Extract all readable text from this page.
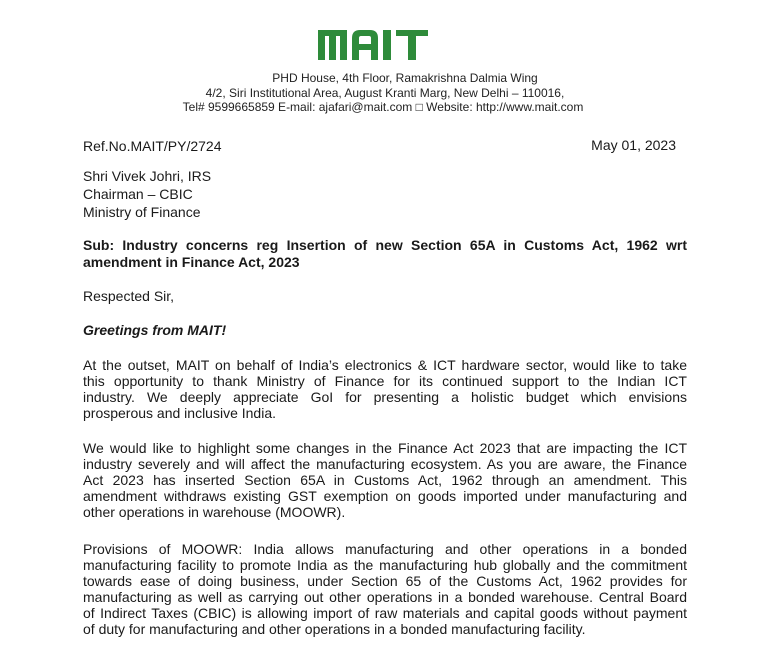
PHD House, 4th Floor, Ramakrishna Dalmia Wing
4/2, Siri Institutional Area, August Kranti Marg, New Delhi – 110016,
Tel# 9599665859 E-mail: ajafari@mait.com □ Website: http://www.mait.com
Ref.No.MAIT/PY/2724	May 01, 2023
Shri Vivek Johri, IRS
Chairman – CBIC
Ministry of Finance
Sub: Industry concerns reg Insertion of new Section 65A in Customs Act, 1962 wrt
amendment in Finance Act, 2023
Respected Sir,
Greetings from MAIT!
At the outset, MAIT on behalf of India’s electronics & ICT hardware sector, would like to take
this opportunity to thank Ministry of Finance for its continued support to the Indian ICT
industry. We deeply appreciate GoI for presenting a holistic budget which envisions
prosperous and inclusive India.
We would like to highlight some changes in the Finance Act 2023 that are impacting the ICT
industry severely and will affect the manufacturing ecosystem. As you are aware, the Finance
Act 2023 has inserted Section 65A in Customs Act, 1962 through an amendment. This
amendment withdraws existing GST exemption on goods imported under manufacturing and
other operations in warehouse (MOOWR).
Provisions of MOOWR: India allows manufacturing and other operations in a bonded
manufacturing facility to promote India as the manufacturing hub globally and the commitment
towards ease of doing business, under Section 65 of the Customs Act, 1962 provides for
manufacturing as well as carrying out other operations in a bonded warehouse. Central Board
of Indirect Taxes (CBIC) is allowing import of raw materials and capital goods without payment
of duty for manufacturing and other operations in a bonded manufacturing facility.
